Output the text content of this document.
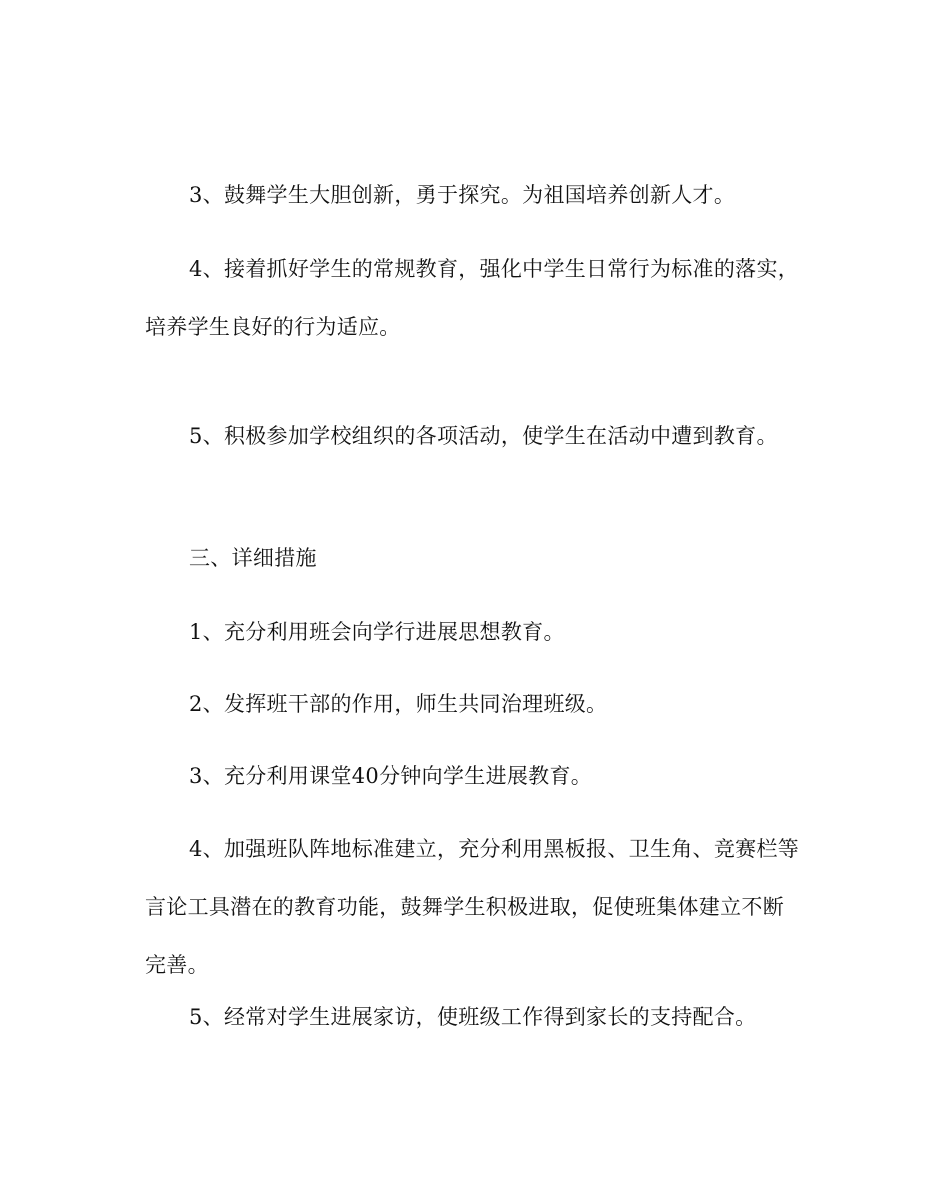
3、鼓舞学生大胆创新，勇于探究。为祖国培养创新人才。

4、接着抓好学生的常规教育，强化中学生日常行为标准的落实，培养学生良好的行为适应。

5、积极参加学校组织的各项活动，使学生在活动中遭到教育。

三、详细措施

1、充分利用班会向学行进展思想教育。

2、发挥班干部的作用，师生共同治理班级。

3、充分利用课堂40分钟向学生进展教育。

4、加强班队阵地标准建立，充分利用黑板报、卫生角、竞赛栏等言论工具潜在的教育功能，鼓舞学生积极进取，促使班集体建立不断完善。

5、经常对学生进展家访，使班级工作得到家长的支持配合。
